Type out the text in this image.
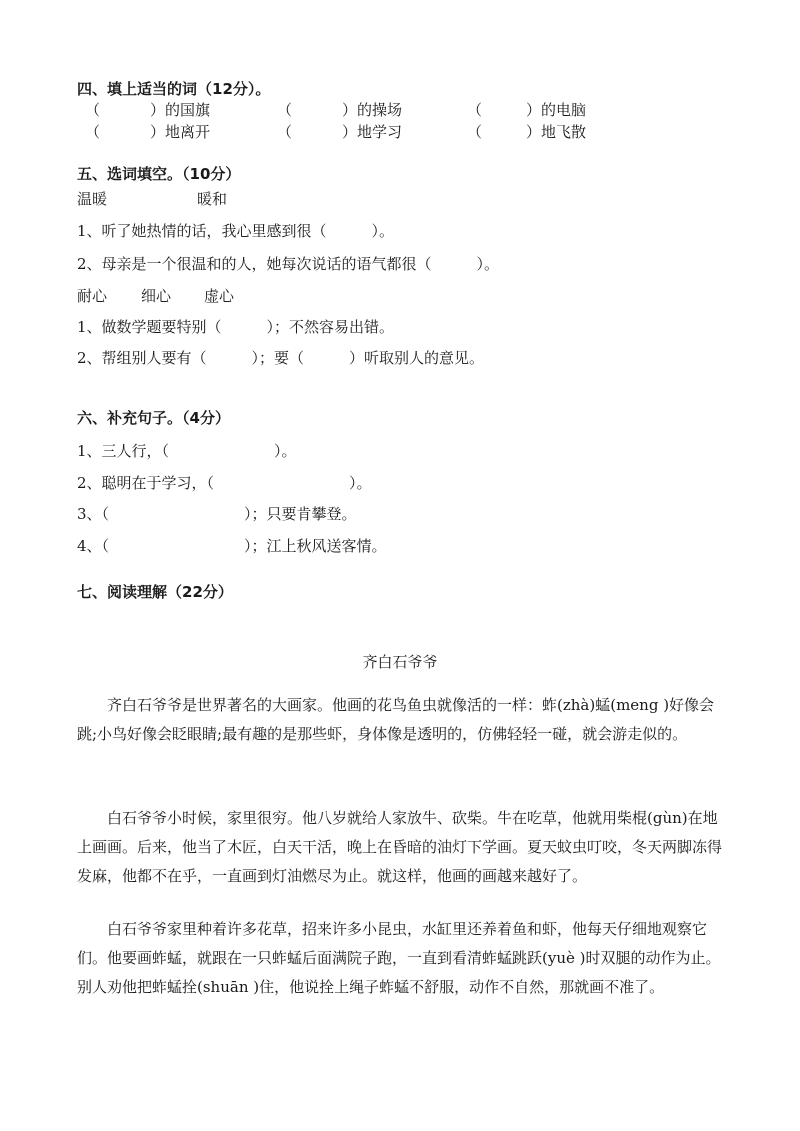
四、填上适当的词（12分）。
（	）的国旗	（	）的操场	（	）的电脑
（	）地离开	（	）地学习	（	）地飞散
五、选词填空。（10分）
温暖	暖和
1、听了她热情的话，我心里感到很（　　　）。
2、母亲是一个很温和的人，她每次说话的语气都很（　　　）。
耐心 细心 虚心
1、做数学题要特别（　　　）；不然容易出错。
2、帮组别人要有（　　　）；要（　　　）听取别人的意见。
六、补充句子。（4分）
1、三人行，（　　　　　　　）。
2、聪明在于学习，（　　　　　　　　　）。
3、（　　　　　　　　　）；只要肯攀登。
4、（　　　　　　　　　）；江上秋风送客情。
七、阅读理解（22分）
齐白石爷爷
齐白石爷爷是世界著名的大画家。他画的花鸟鱼虫就像活的一样：蚱(zhà)蜢(meng )好像会跳;小鸟好像会眨眼睛;最有趣的是那些虾，身体像是透明的，仿佛轻轻一碰，就会游走似的。
白石爷爷小时候，家里很穷。他八岁就给人家放牛、砍柴。牛在吃草，他就用柴棍(gùn)在地上画画。后来，他当了木匠，白天干活，晚上在昏暗的油灯下学画。夏天蚊虫叮咬，冬天两脚冻得发麻，他都不在乎，一直画到灯油燃尽为止。就这样，他画的画越来越好了。
白石爷爷家里种着许多花草，招来许多小昆虫，水缸里还养着鱼和虾，他每天仔细地观察它们。他要画蚱蜢，就跟在一只蚱蜢后面满院子跑，一直到看清蚱蜢跳跃(yuè )时双腿的动作为止。别人劝他把蚱蜢拴(shuān )住，他说拴上绳子蚱蜢不舒服，动作不自然，那就画不准了。
